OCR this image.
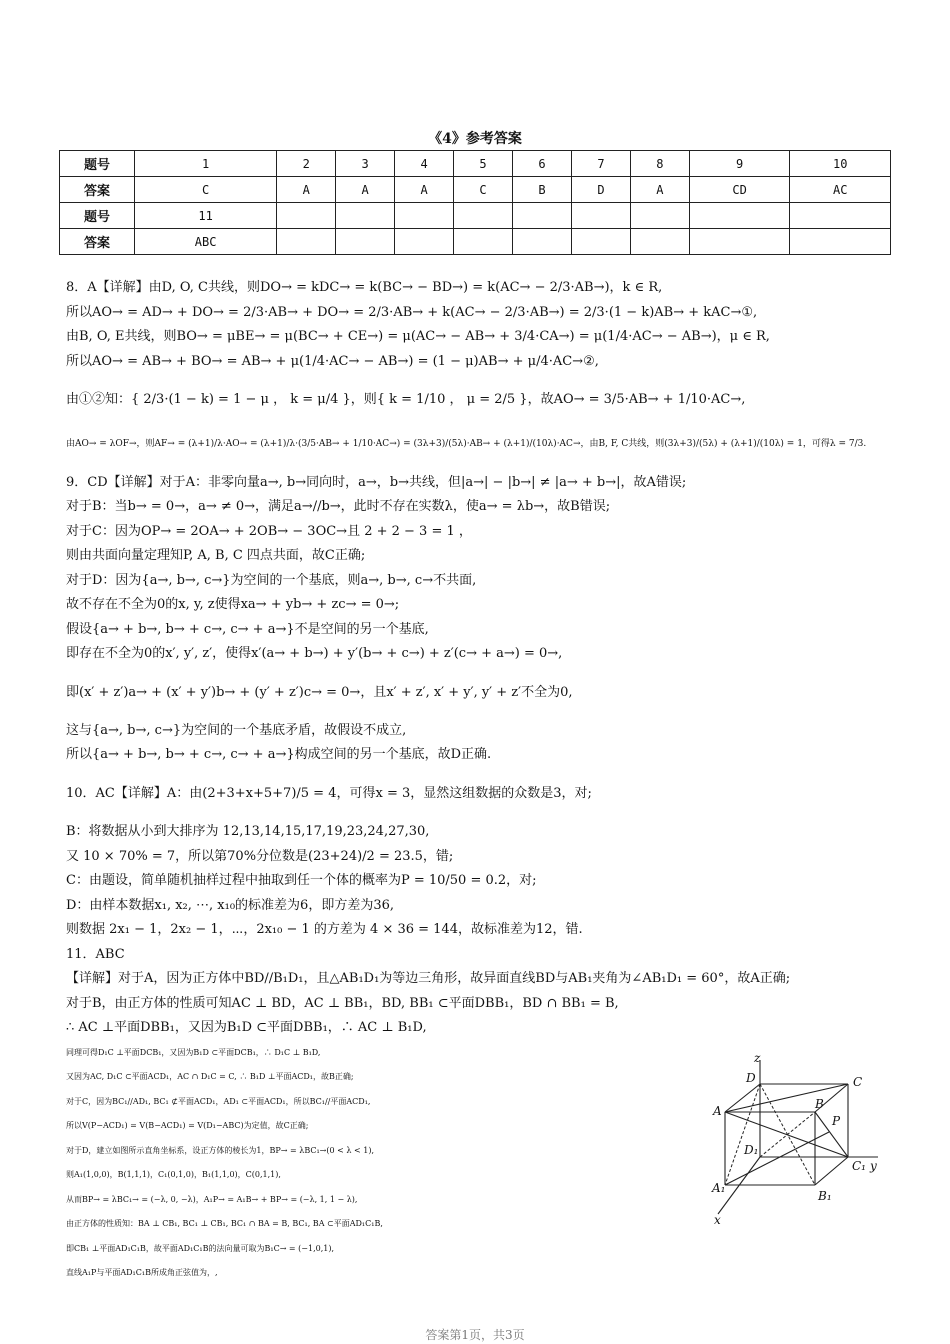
《4》参考答案
题号	1	2	3	4	5	6	7	8	9	10
答案	C	A	A	A	C	B	D	A	CD	AC
题号	11									
答案	ABC									
8．A【详解】由D, O, C共线，则DO→ = kDC→ = k(BC→ − BD→) = k(AC→ − 2/3·AB→)，k ∈ R,
所以AO→ = AD→ + DO→ = 2/3·AB→ + DO→ = 2/3·AB→ + k(AC→ − 2/3·AB→) = 2/3·(1 − k)AB→ + kAC→①,
由B, O, E共线，则BO→ = μBE→ = μ(BC→ + CE→) = μ(AC→ − AB→ + 3/4·CA→) = μ(1/4·AC→ − AB→)，μ ∈ R,
所以AO→ = AB→ + BO→ = AB→ + μ(1/4·AC→ − AB→) = (1 − μ)AB→ + μ/4·AC→②,
由①②知：{ 2/3·(1 − k) = 1 − μ ， k = μ/4 }，则{ k = 1/10 ， μ = 2/5 }，故AO→ = 3/5·AB→ + 1/10·AC→,
由AO→ = λOF→，则AF→ = (λ+1)/λ·AO→ = (λ+1)/λ·(3/5·AB→ + 1/10·AC→) = (3λ+3)/(5λ)·AB→ + (λ+1)/(10λ)·AC→，由B, F, C共线，则(3λ+3)/(5λ) + (λ+1)/(10λ) = 1，可得λ = 7/3.
9．CD【详解】对于A：非零向量a→, b→同向时，a→，b→共线，但|a→| − |b→| ≠ |a→ + b→|，故A错误;
对于B：当b→ = 0→，a→ ≠ 0→，满足a→//b→，此时不存在实数λ，使a→ = λb→，故B错误;
对于C：因为OP→ = 2OA→ + 2OB→ − 3OC→且 2 + 2 − 3 = 1 ，
则由共面向量定理知P, A, B, C 四点共面，故C正确;
对于D：因为{a→, b→, c→}为空间的一个基底，则a→, b→, c→不共面,
故不存在不全为0的x, y, z使得xa→ + yb→ + zc→ = 0→;
假设{a→ + b→, b→ + c→, c→ + a→}不是空间的另一个基底,
即存在不全为0的x′, y′, z′，使得x′(a→ + b→) + y′(b→ + c→) + z′(c→ + a→) = 0→,
即(x′ + z′)a→ + (x′ + y′)b→ + (y′ + z′)c→ = 0→，且x′ + z′, x′ + y′, y′ + z′不全为0,
这与{a→, b→, c→}为空间的一个基底矛盾，故假设不成立,
所以{a→ + b→, b→ + c→, c→ + a→}构成空间的另一个基底，故D正确.
10．AC【详解】A：由(2+3+x+5+7)/5 = 4，可得x = 3，显然这组数据的众数是3，对;
B：将数据从小到大排序为 12,13,14,15,17,19,23,24,27,30,
又 10 × 70% = 7，所以第70%分位数是(23+24)/2 = 23.5，错;
C：由题设，简单随机抽样过程中抽取到任一个体的概率为P = 10/50 = 0.2，对;
D：由样本数据x₁, x₂, ⋯, x₁₀的标准差为6，即方差为36,
则数据 2x₁ − 1，2x₂ − 1，⋯，2x₁₀ − 1 的方差为 4 × 36 = 144，故标准差为12，错.
11．ABC
【详解】对于A，因为正方体中BD//B₁D₁，且△AB₁D₁为等边三角形，故异面直线BD与AB₁夹角为∠AB₁D₁ = 60°，故A正确;
对于B，由正方体的性质可知AC ⊥ BD，AC ⊥ BB₁，BD, BB₁ ⊂平面DBB₁，BD ∩ BB₁ = B,
∴ AC ⊥平面DBB₁，又因为B₁D ⊂平面DBB₁，∴ AC ⊥ B₁D,
同理可得D₁C ⊥平面DCB₁，又因为B₁D ⊂平面DCB₁，∴ D₁C ⊥ B₁D,
又因为AC, D₁C ⊂平面ACD₁，AC ∩ D₁C = C, ∴ B₁D ⊥平面ACD₁，故B正确;
对于C，因为BC₁//AD₁, BC₁ ⊄平面ACD₁，AD₁ ⊂平面ACD₁，所以BC₁//平面ACD₁,
所以V(P−ACD₁) = V(B−ACD₁) = V(D₁−ABC)为定值，故C正确;
对于D，建立如图所示直角坐标系，设正方体的棱长为1，BP→ = λBC₁→(0 < λ < 1),
则A₁(1,0,0)，B(1,1,1)，C₁(0,1,0)，B₁(1,1,0)，C(0,1,1),
从而BP→ = λBC₁→ = (−λ, 0, −λ)，A₁P→ = A₁B→ + BP→ = (−λ, 1, 1 − λ),
由正方体的性质知：BA ⊥ CB₁, BC₁ ⊥ CB₁, BC₁ ∩ BA = B, BC₁, BA ⊂平面AD₁C₁B,
即CB₁ ⊥平面AD₁C₁B，故平面AD₁C₁B的法向量可取为B₁C→ = (−1,0,1),
直线A₁P与平面AD₁C₁B所成角正弦值为，,
z
D	C
A	B
P
D₁
C₁ y
A₁
B₁
x
答案第1页，共3页
